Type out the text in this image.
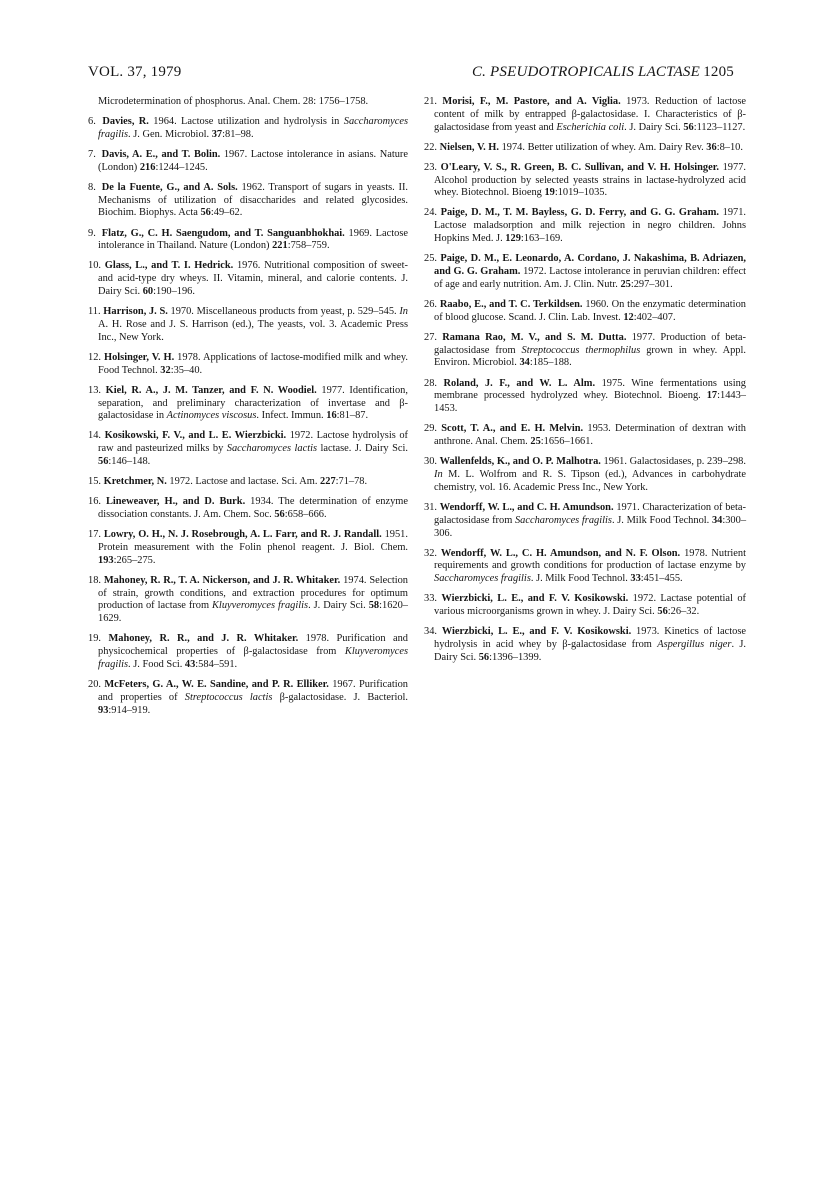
VOL. 37, 1979	C. PSEUDOTROPICALIS LACTASE 1205
Microdetermination of phosphorus. Anal. Chem. 28: 1756–1758.
6. Davies, R. 1964. Lactose utilization and hydrolysis in Saccharomyces fragilis. J. Gen. Microbiol. 37:81–98.
7. Davis, A. E., and T. Bolin. 1967. Lactose intolerance in asians. Nature (London) 216:1244–1245.
8. De la Fuente, G., and A. Sols. 1962. Transport of sugars in yeasts. II. Mechanisms of utilization of disaccharides and related glycosides. Biochim. Biophys. Acta 56:49–62.
9. Flatz, G., C. H. Saengudom, and T. Sanguanbhokhai. 1969. Lactose intolerance in Thailand. Nature (London) 221:758–759.
10. Glass, L., and T. I. Hedrick. 1976. Nutritional composition of sweet- and acid-type dry wheys. II. Vitamin, mineral, and calorie contents. J. Dairy Sci. 60:190–196.
11. Harrison, J. S. 1970. Miscellaneous products from yeast, p. 529–545. In A. H. Rose and J. S. Harrison (ed.), The yeasts, vol. 3. Academic Press Inc., New York.
12. Holsinger, V. H. 1978. Applications of lactose-modified milk and whey. Food Technol. 32:35–40.
13. Kiel, R. A., J. M. Tanzer, and F. N. Woodiel. 1977. Identification, separation, and preliminary characterization of invertase and β-galactosidase in Actinomyces viscosus. Infect. Immun. 16:81–87.
14. Kosikowski, F. V., and L. E. Wierzbicki. 1972. Lactose hydrolysis of raw and pasteurized milks by Saccharomyces lactis lactase. J. Dairy Sci. 56:146–148.
15. Kretchmer, N. 1972. Lactose and lactase. Sci. Am. 227:71–78.
16. Lineweaver, H., and D. Burk. 1934. The determination of enzyme dissociation constants. J. Am. Chem. Soc. 56:658–666.
17. Lowry, O. H., N. J. Rosebrough, A. L. Farr, and R. J. Randall. 1951. Protein measurement with the Folin phenol reagent. J. Biol. Chem. 193:265–275.
18. Mahoney, R. R., T. A. Nickerson, and J. R. Whitaker. 1974. Selection of strain, growth conditions, and extraction procedures for optimum production of lactase from Kluyveromyces fragilis. J. Dairy Sci. 58:1620–1629.
19. Mahoney, R. R., and J. R. Whitaker. 1978. Purification and physicochemical properties of β-galactosidase from Kluyveromyces fragilis. J. Food Sci. 43:584–591.
20. McFeters, G. A., W. E. Sandine, and P. R. Elliker. 1967. Purification and properties of Streptococcus lactis β-galactosidase. J. Bacteriol. 93:914–919.
21. Morisi, F., M. Pastore, and A. Viglia. 1973. Reduction of lactose content of milk by entrapped β-galactosidase. I. Characteristics of β-galactosidase from yeast and Escherichia coli. J. Dairy Sci. 56:1123–1127.
22. Nielsen, V. H. 1974. Better utilization of whey. Am. Dairy Rev. 36:8–10.
23. O'Leary, V. S., R. Green, B. C. Sullivan, and V. H. Holsinger. 1977. Alcohol production by selected yeasts strains in lactase-hydrolyzed acid whey. Biotechnol. Bioeng 19:1019–1035.
24. Paige, D. M., T. M. Bayless, G. D. Ferry, and G. G. Graham. 1971. Lactose maladsorption and milk rejection in negro children. Johns Hopkins Med. J. 129:163–169.
25. Paige, D. M., E. Leonardo, A. Cordano, J. Nakashima, B. Adriazen, and G. G. Graham. 1972. Lactose intolerance in peruvian children: effect of age and early nutrition. Am. J. Clin. Nutr. 25:297–301.
26. Raabo, E., and T. C. Terkildsen. 1960. On the enzymatic determination of blood glucose. Scand. J. Clin. Lab. Invest. 12:402–407.
27. Ramana Rao, M. V., and S. M. Dutta. 1977. Production of beta-galactosidase from Streptococcus thermophilus grown in whey. Appl. Environ. Microbiol. 34:185–188.
28. Roland, J. F., and W. L. Alm. 1975. Wine fermentations using membrane processed hydrolyzed whey. Biotechnol. Bioeng. 17:1443–1453.
29. Scott, T. A., and E. H. Melvin. 1953. Determination of dextran with anthrone. Anal. Chem. 25:1656–1661.
30. Wallenfelds, K., and O. P. Malhotra. 1961. Galactosidases, p. 239–298. In M. L. Wolfrom and R. S. Tipson (ed.), Advances in carbohydrate chemistry, vol. 16. Academic Press Inc., New York.
31. Wendorff, W. L., and C. H. Amundson. 1971. Characterization of beta-galactosidase from Saccharomyces fragilis. J. Milk Food Technol. 34:300–306.
32. Wendorff, W. L., C. H. Amundson, and N. F. Olson. 1978. Nutrient requirements and growth conditions for production of lactase enzyme by Saccharomyces fragilis. J. Milk Food Technol. 33:451–455.
33. Wierzbicki, L. E., and F. V. Kosikowski. 1972. Lactase potential of various microorganisms grown in whey. J. Dairy Sci. 56:26–32.
34. Wierzbicki, L. E., and F. V. Kosikowski. 1973. Kinetics of lactose hydrolysis in acid whey by β-galactosidase from Aspergillus niger. J. Dairy Sci. 56:1396–1399.
